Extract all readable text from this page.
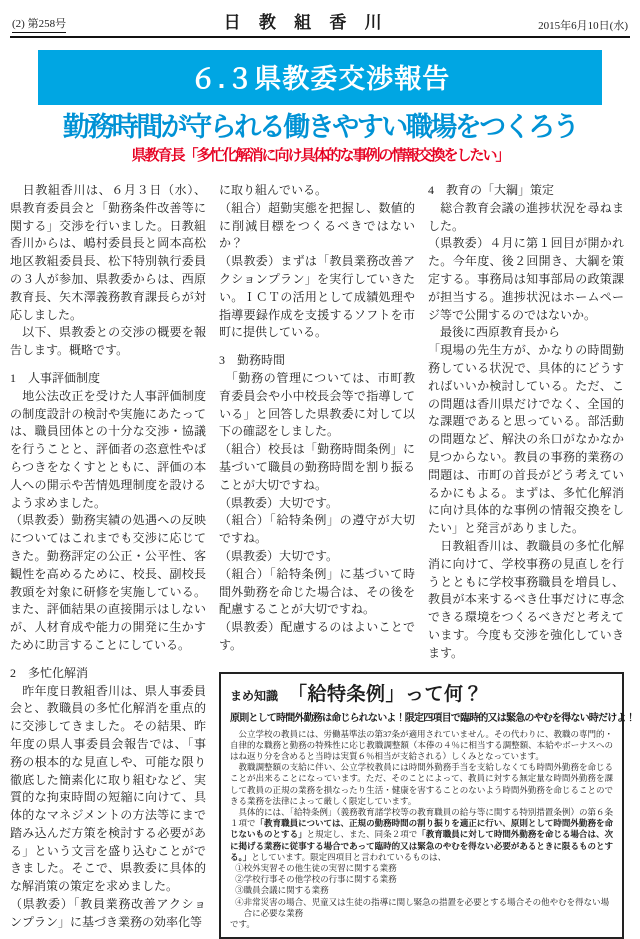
(2) 第258号	日 教 組 香 川	2015年6月10日(水)
６.３県教委交渉報告
勤務時間が守られる働きやすい職場をつくろう
県教育長「多忙化解消に向け具体的な事例の情報交換をしたい」
　日教組香川は、６月３日（水）、県教育委員会と「勤務条件改善等に関する」交渉を行いました。日教組香川からは、嶋村委員長と岡本高松地区教組委員長、松下特別執行委員の３人が参加、県教委からは、西原教育長、矢木澤義務教育課長らが対応しました。
　以下、県教委との交渉の概要を報告します。概略です。
1　人事評価制度
　地公法改正を受けた人事評価制度の制度設計の検討や実施にあたっては、職員団体との十分な交渉・協議を行うことと、評価者の恣意性やばらつきをなくすとともに、評価の本人への開示や苦情処理制度を設けるよう求めました。
（県教委）勤務実績の処遇への反映についてはこれまでも交渉に応じてきた。勤務評定の公正・公平性、客観性を高めるために、校長、副校長教頭を対象に研修を実施している。また、評価結果の直接開示はしないが、人材育成や能力の開発に生かすために助言することにしている。
2　多忙化解消
　昨年度日教組香川は、県人事委員会と、教職員の多忙化解消を重点的に交渉してきました。その結果、昨年度の県人事委員会報告では、「事務の根本的な見直しや、可能な限り徹底した簡素化に取り組むなど、実質的な拘束時間の短縮に向けて、具体的なマネジメントの方法等にまで踏み込んだ方策を検討する必要がある」という文言を盛り込むことができました。そこで、県教委に具体的な解消策の策定を求めました。
（県教委）「教員業務改善アクションプラン」に基づき業務の効率化等
に取り組んでいる。
（組合）超勤実態を把握し、数値的に削減目標をつくるべきではないか？
（県教委）まずは「教員業務改善アクションプラン」を実行していきたい。ＩＣＴの活用として成績処理や指導要録作成を支援するソフトを市町に提供している。
3　勤務時間
　「勤務の管理については、市町教育委員会や小中校長会等で指導している」と回答した県教委に対して以下の確認をしました。
（組合）校長は「勤務時間条例」に基づいて職員の勤務時間を割り振ることが大切ですね。
（県教委）大切です。
（組合）「給特条例」の遵守が大切ですね。
（県教委）大切です。
（組合）「給特条例」に基づいて時間外勤務を命じた場合は、その後を配慮することが大切ですね。
（県教委）配慮するのはよいことです。
4　教育の「大綱」策定
　総合教育会議の進捗状況を尋ねました。
（県教委）４月に第１回目が開かれた。今年度、後２回開き、大綱を策定する。事務局は知事部局の政策課が担当する。進捗状況はホームページ等で公開するのではないか。
　最後に西原教育長から
「現場の先生方が、かなりの時間勤務している状況で、具体的にどうすればいいか検討している。ただ、この問題は香川県だけでなく、全国的な課題であると思っている。部活動の問題など、解決の糸口がなかなか見つからない。教員の事務的業務の問題は、市町の首長がどう考えているかにもよる。まずは、多忙化解消に向け具体的な事例の情報交換をしたい」と発言がありました。
　日教組香川は、教職員の多忙化解消に向けて、学校事務の見直しを行うとともに学校事務職員を増員し、教員が本来するべき仕事だけに専念できる環境をつくるべきだと考えています。今度も交渉を強化していきます。
まめ知識 「給特条例」って何？
原則として時間外勤務は命じられないよ！限定四項目で臨時的又は緊急のやむを得ない時だけよ！
　公立学校の教員には、労働基準法の第37条が適用されていません。その代わりに、教職の専門的・自律的な職務と勤務の特殊性に応じ教職調整額（本俸の４％に相当する調整額、本給やボーナスへのはね返り分を含めると当時は実質６％相当が支給される）しくみとなっています。
　教職調整額の支給に伴い、公立学校教員には時間外勤務手当を支給しなくても時間外勤務を命じることが出来ることになっています。ただ、そのことによって、教員に対する無定量な時間外勤務を課して教員の正規の業務を損なったり生活・健康を害することのないよう時間外勤務を命じることのできる業務を法律によって厳しく限定しています。
　具体的には、「給特条例」（義務教育諸学校等の教育職員の給与等に関する特別措置条例）の第６条１項で「教育職員については、正規の勤務時間の割り振りを適正に行い、原則として時間外勤務を命じないものとする」と規定し、また、同条２項で「教育職員に対して時間外勤務を命じる場合は、次に掲げる業務に従事する場合であって臨時的又は緊急のやむを得ない必要があるときに限るものとする。」としています。限定四項目と言われているものは、
①校外実習その他生徒の実習に関する業務
②学校行事その他学校の行事に関する業務
③職員会議に関する業務
④非常災害の場合、児童又は生徒の指導に関し緊急の措置を必要とする場合その他やむを得ない場合に必要な業務
です。
